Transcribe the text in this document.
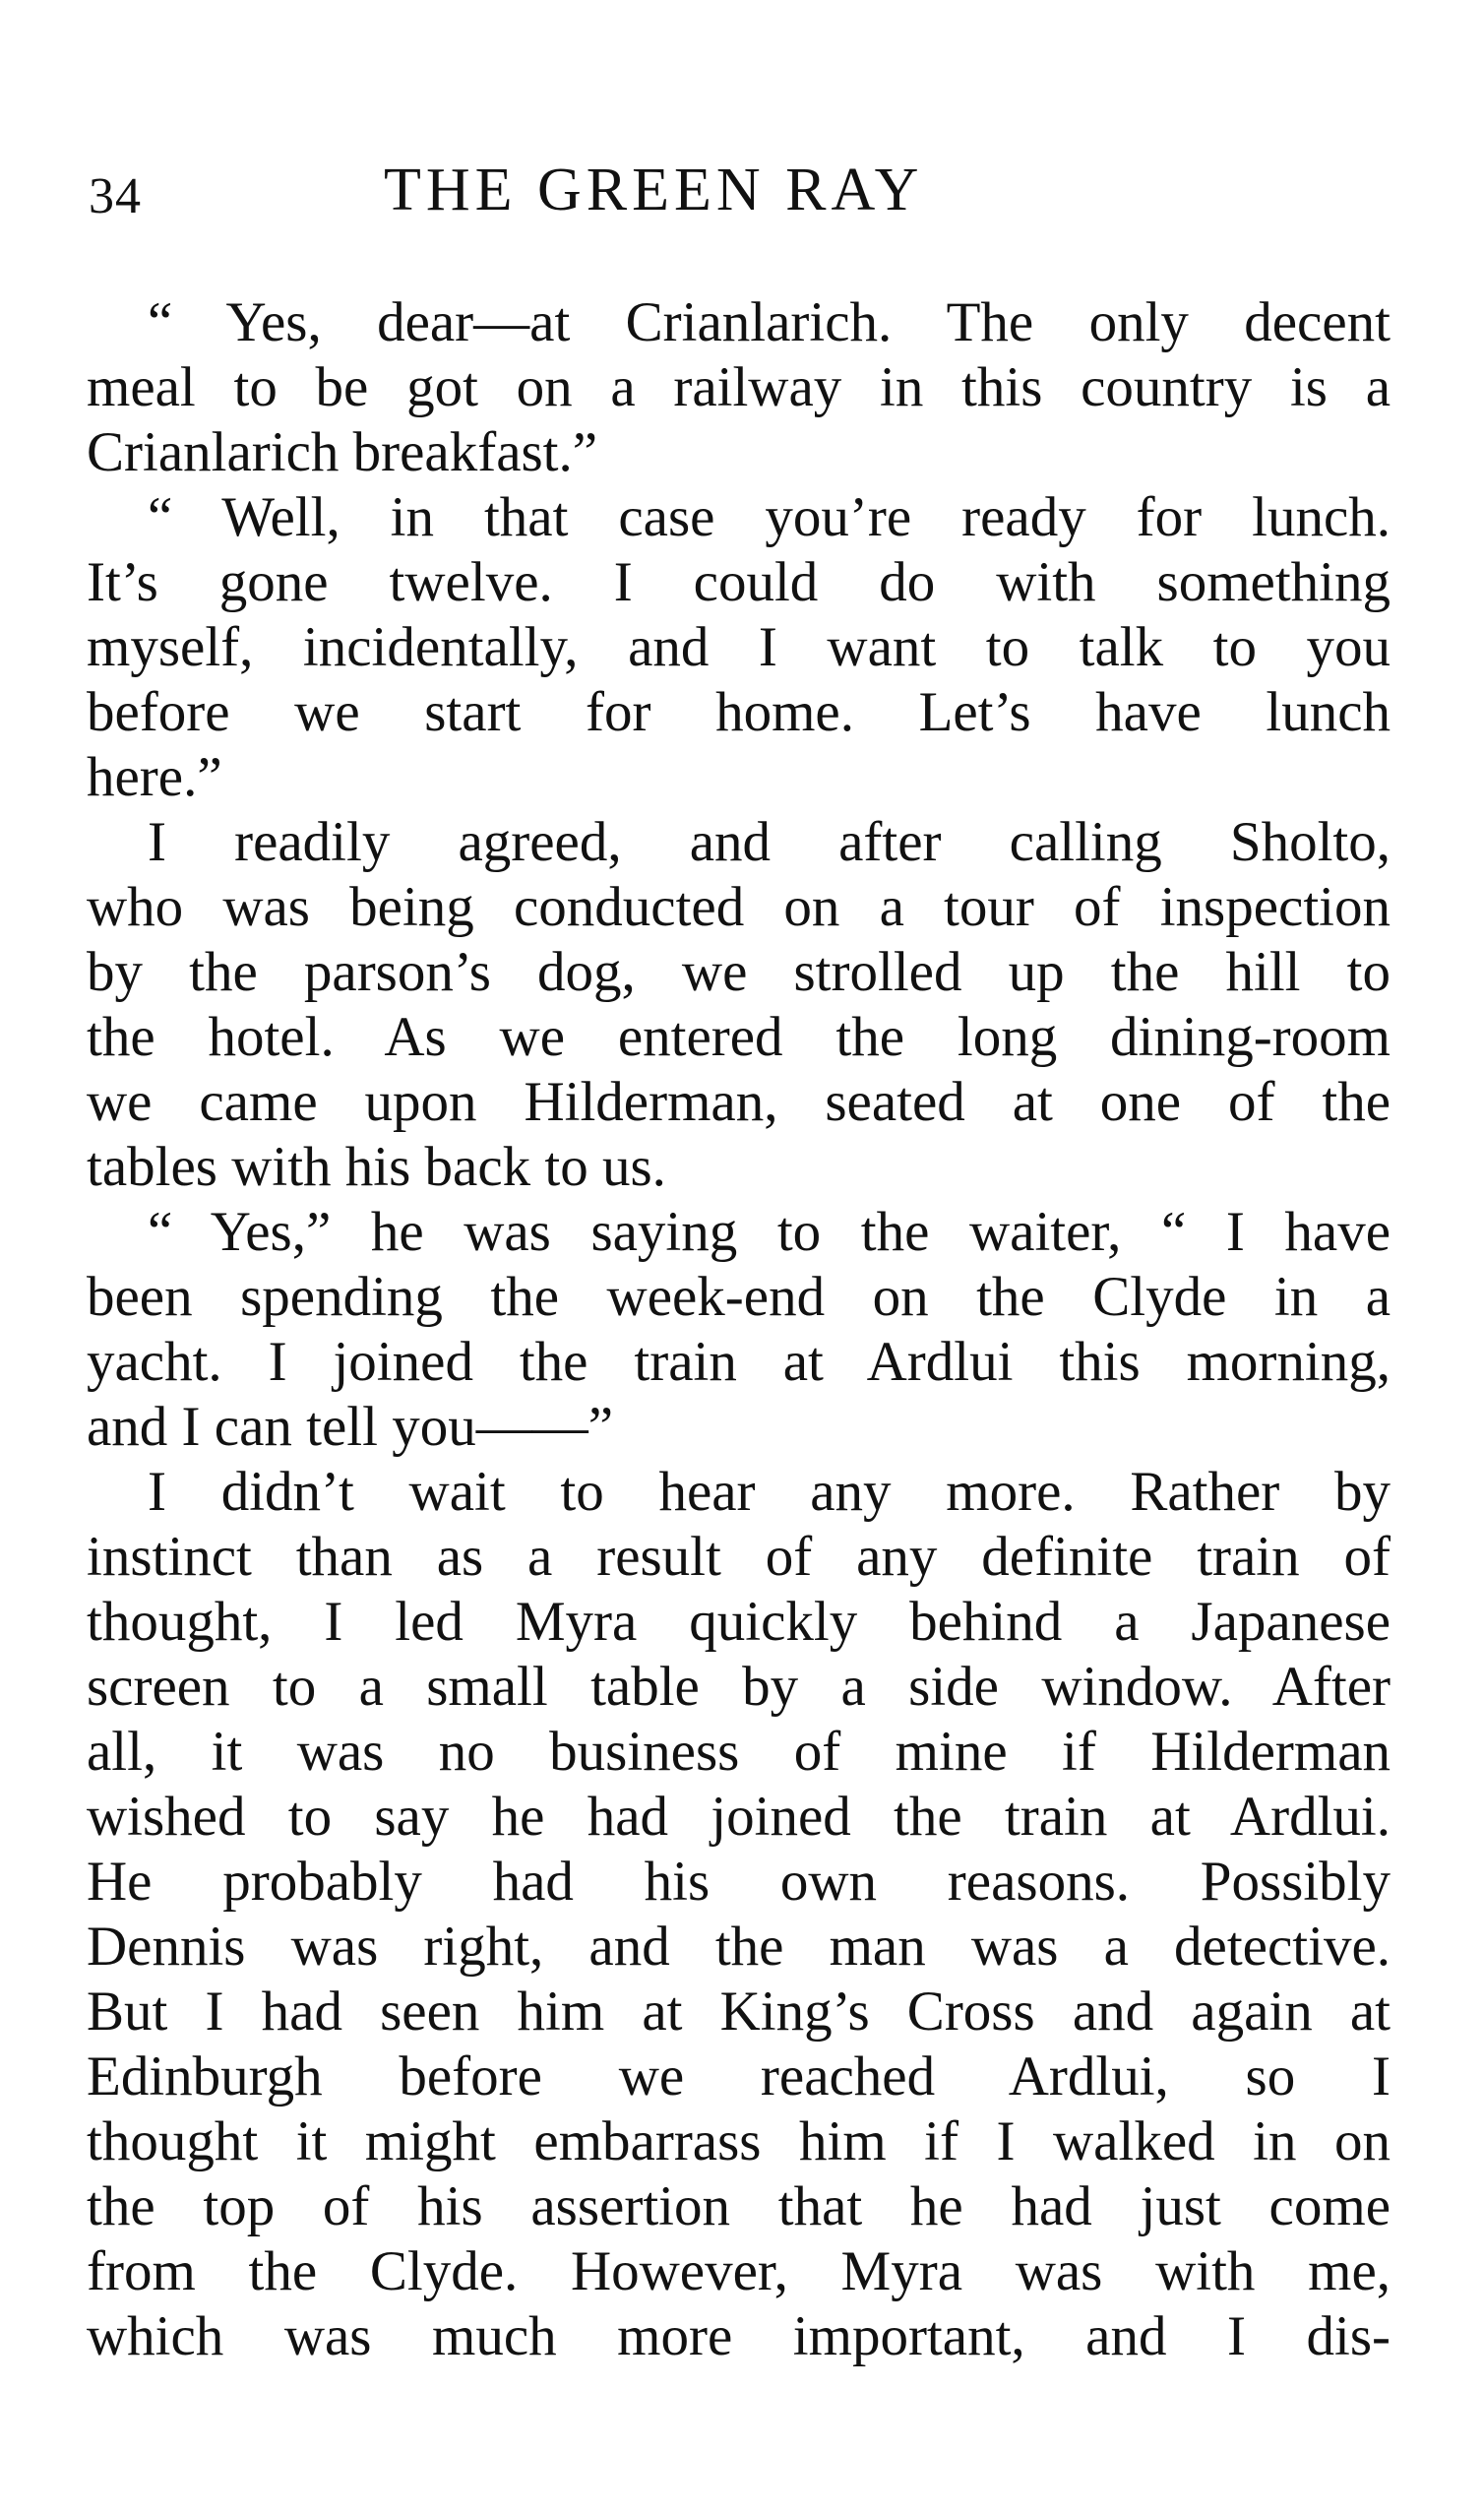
34	THE GREEN RAY
“ Yes, dear—at Crianlarich. The only decent
meal to be got on a railway in this country is a
Crianlarich breakfast.”
“ Well, in that case you’re ready for lunch.
It’s gone twelve. I could do with something
myself, incidentally, and I want to talk to you
before we start for home. Let’s have lunch
here.”
I readily agreed, and after calling Sholto,
who was being conducted on a tour of inspection
by the parson’s dog, we strolled up the hill to
the hotel. As we entered the long dining-room
we came upon Hilderman, seated at one of the
tables with his back to us.
“ Yes,” he was saying to the waiter, “ I have
been spending the week-end on the Clyde in a
yacht. I joined the train at Ardlui this morning,
and I can tell you——”
I didn’t wait to hear any more. Rather by
instinct than as a result of any definite train of
thought, I led Myra quickly behind a Japanese
screen to a small table by a side window. After
all, it was no business of mine if Hilderman
wished to say he had joined the train at Ardlui.
He probably had his own reasons. Possibly
Dennis was right, and the man was a detective.
But I had seen him at King’s Cross and again at
Edinburgh before we reached Ardlui, so I
thought it might embarrass him if I walked in on
the top of his assertion that he had just come
from the Clyde. However, Myra was with me,
which was much more important, and I dis-
